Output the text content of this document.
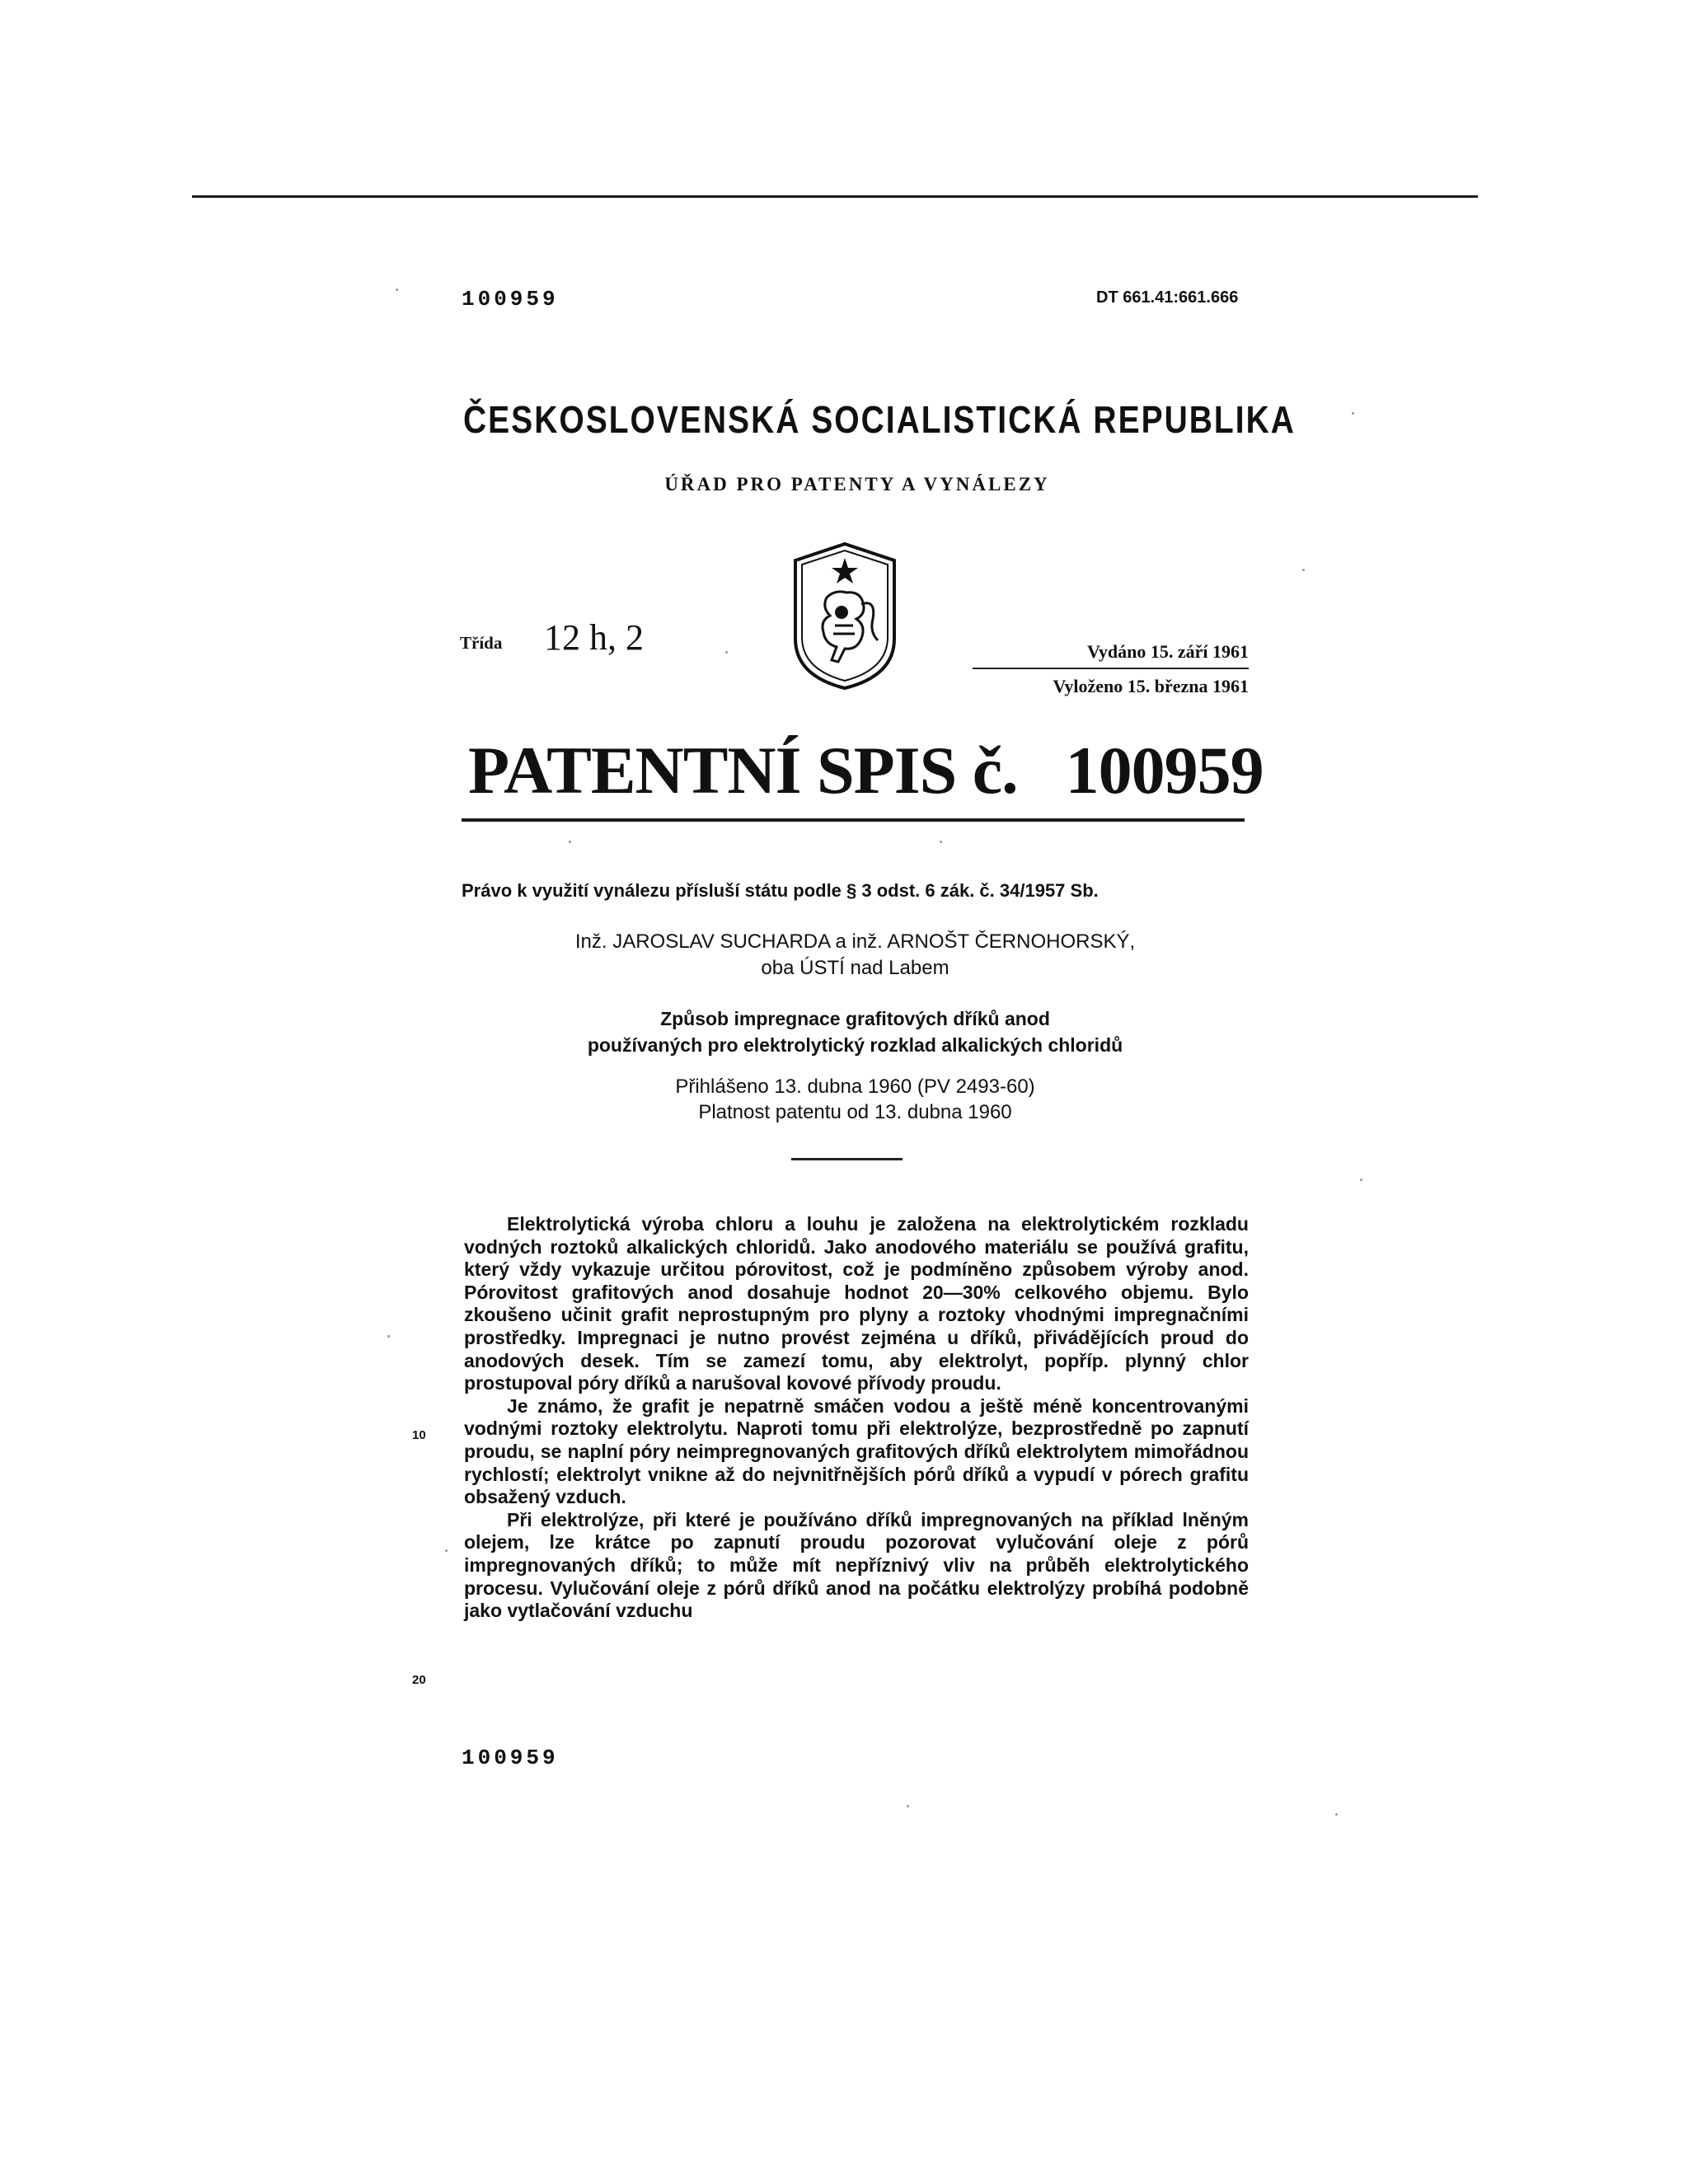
100959	DT 661.41:661.666
ČESKOSLOVENSKÁ SOCIALISTICKÁ REPUBLIKA
ÚŘAD PRO PATENTY A VYNÁLEZY
Třída 12 h, 2	Vydáno 15. září 1961
Vyloženo 15. března 1961
PATENTNÍ SPIS č. 100959
Právo k využití vynálezu přísluší státu podle § 3 odst. 6 zák. č. 34/1957 Sb.
Inž. JAROSLAV SUCHARDA a inž. ARNOŠT ČERNOHORSKÝ,
oba ÚSTÍ nad Labem
Způsob impregnace grafitových dříků anod
používaných pro elektrolytický rozklad alkalických chloridů
Přihlášeno 13. dubna 1960 (PV 2493-60)
Platnost patentu od 13. dubna 1960

Elektrolytická výroba chloru a louhu je založena na elektrolytickém rozkladu vodných roztoků alkalických chloridů. Jako anodového materiálu se používá grafitu, který vždy vykazuje určitou pórovitost, což je podmíněno způsobem výroby anod. Pórovitost grafitových anod dosahuje hodnot 20—30% celkového objemu. Bylo zkoušeno učinit grafit neprostupným pro plyny a roztoky vhodnými impregnačními prostředky. Impregnaci je nutno provést zejména u dříků, přivádějících proud do anodových desek. Tím se zamezí tomu, aby elektrolyt, popříp. plynný chlor prostupoval póry dříků a narušoval kovové přívody proudu.

Je známo, že grafit je nepatrně smáčen vodou a ještě méně koncentrovanými vodnými roztoky elektrolytu. Naproti tomu při elektrolýze, bezprostředně po zapnutí proudu, se naplní póry neimpregnovaných grafitových dříků elektrolytem mimořádnou rychlostí; elektrolyt vnikne až do nejvnitřnějších pórů dříků a vypudí v pórech grafitu obsažený vzduch.

Při elektrolýze, při které je používáno dříků impregnovaných na příklad lněným olejem, lze krátce po zapnutí proudu pozorovat vylučování oleje z pórů impregnovaných dříků; to může mít nepříznivý vliv na průběh elektrolytického procesu. Vylučování oleje z pórů dříků anod na počátku elektrolýzy probíhá podobně jako vytlačování vzduchu

10
20
100959
